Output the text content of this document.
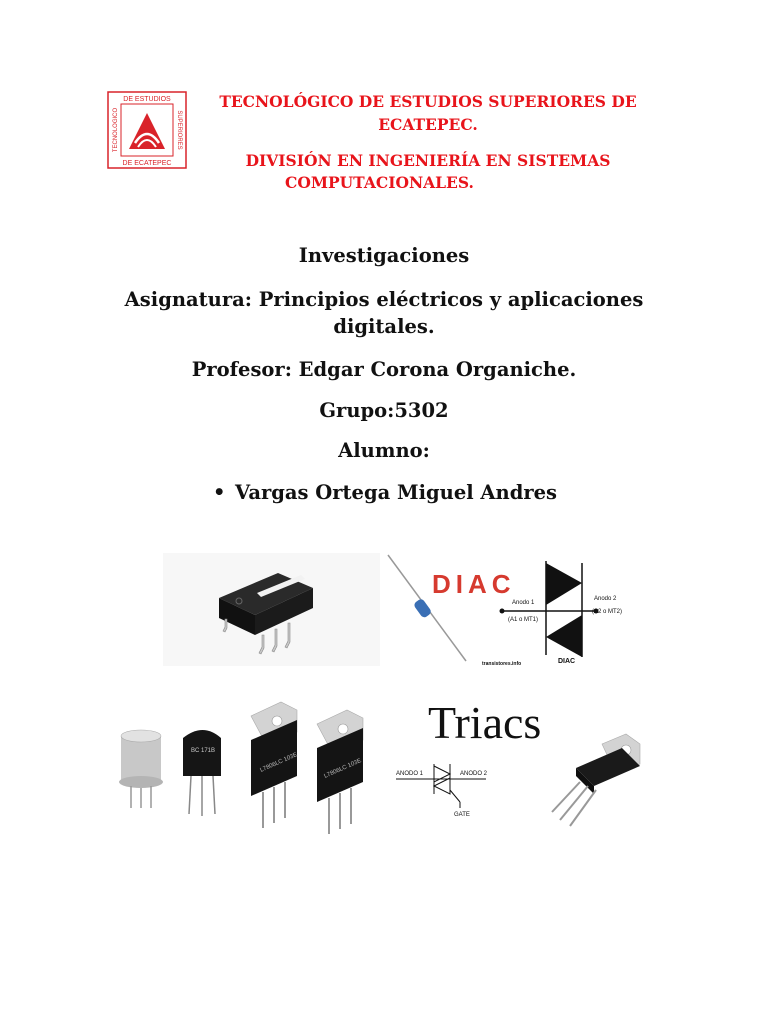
DE ESTUDIOS
DE ECATEPEC
TECNOLOGICO	SUPERIORES
TECNOLÓGICO DE ESTUDIOS SUPERIORES DE
ECATEPEC.
DIVISIÓN EN INGENIERÍA EN SISTEMAS
COMPUTACIONALES.
Investigaciones
Asignatura: Principios eléctricos y aplicaciones
digitales.
Profesor: Edgar Corona Organiche.
Grupo:5302
Alumno:
• Vargas Ortega Miguel Andres
DIAC
Anodo 1
(A1 o MT1)
Anodo 2
(A2 o MT2)
DIAC
transistores.info
BC 171B
L7806LC 103E	L7806LC 103E
Triacs
ANODO 1	ANODO 2
GATE
